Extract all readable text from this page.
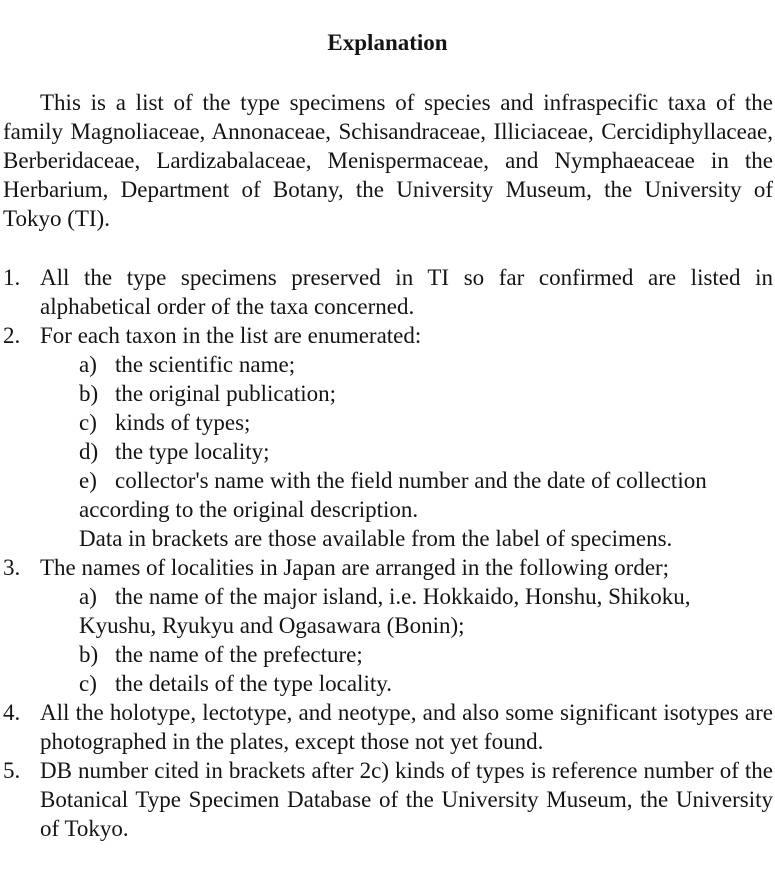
Explanation

This is a list of the type specimens of species and infraspecific taxa of the family Magnoliaceae, Annonaceae, Schisandraceae, Illiciaceae, Cercidiphyllaceae, Berberidaceae, Lardizabalaceae, Menispermaceae, and Nymphaeaceae in the Herbarium, Department of Botany, the University Museum, the University of Tokyo (TI).

1. All the type specimens preserved in TI so far confirmed are listed in alphabetical order of the taxa concerned.
2. For each taxon in the list are enumerated:
a) the scientific name;
b) the original publication;
c) kinds of types;
d) the type locality;
e) collector's name with the field number and the date of collection according to the original description.
Data in brackets are those available from the label of specimens.
3. The names of localities in Japan are arranged in the following order;
a) the name of the major island, i.e. Hokkaido, Honshu, Shikoku, Kyushu, Ryukyu and Ogasawara (Bonin);
b) the name of the prefecture;
c) the details of the type locality.
4. All the holotype, lectotype, and neotype, and also some significant isotypes are photographed in the plates, except those not yet found.
5. DB number cited in brackets after 2c) kinds of types is reference number of the Botanical Type Specimen Database of the University Museum, the University of Tokyo.
